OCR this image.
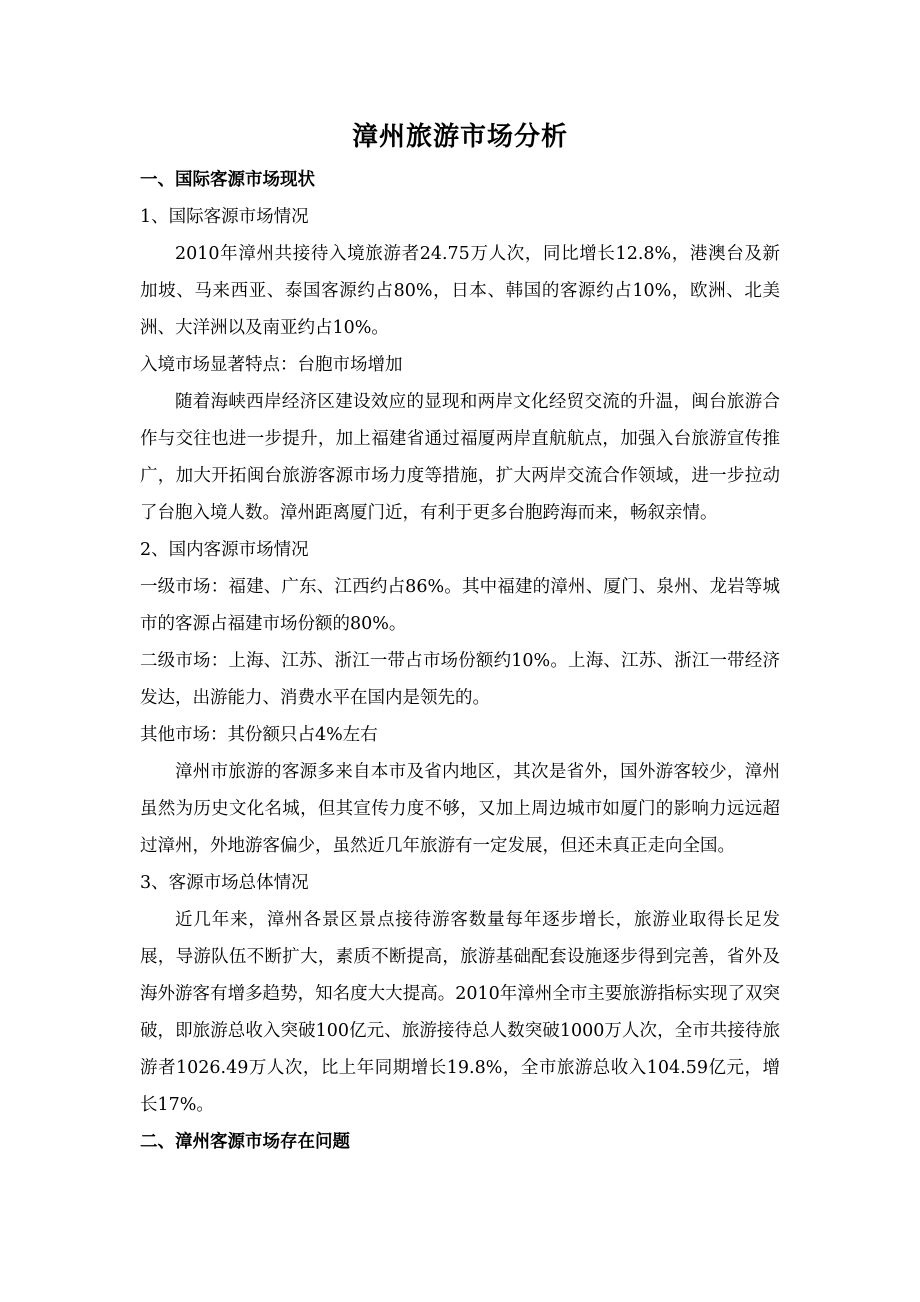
漳州旅游市场分析

一、国际客源市场现状

1、国际客源市场情况

2010年漳州共接待入境旅游者24.75万人次，同比增长12.8%，港澳台及新加坡、马来西亚、泰国客源约占80%，日本、韩国的客源约占10%，欧洲、北美洲、大洋洲以及南亚约占10%。

入境市场显著特点：台胞市场增加

随着海峡西岸经济区建设效应的显现和两岸文化经贸交流的升温，闽台旅游合作与交往也进一步提升，加上福建省通过福厦两岸直航航点，加强入台旅游宣传推广，加大开拓闽台旅游客源市场力度等措施，扩大两岸交流合作领域，进一步拉动了台胞入境人数。漳州距离厦门近，有利于更多台胞跨海而来，畅叙亲情。

2、国内客源市场情况

一级市场：福建、广东、江西约占86%。其中福建的漳州、厦门、泉州、龙岩等城市的客源占福建市场份额的80%。

二级市场：上海、江苏、浙江一带占市场份额约10%。上海、江苏、浙江一带经济发达，出游能力、消费水平在国内是领先的。

其他市场：其份额只占4%左右

漳州市旅游的客源多来自本市及省内地区，其次是省外，国外游客较少，漳州虽然为历史文化名城，但其宣传力度不够，又加上周边城市如厦门的影响力远远超过漳州，外地游客偏少，虽然近几年旅游有一定发展，但还未真正走向全国。

3、客源市场总体情况

近几年来，漳州各景区景点接待游客数量每年逐步增长，旅游业取得长足发展，导游队伍不断扩大，素质不断提高，旅游基础配套设施逐步得到完善，省外及海外游客有增多趋势，知名度大大提高。2010年漳州全市主要旅游指标实现了双突破，即旅游总收入突破100亿元、旅游接待总人数突破1000万人次，全市共接待旅游者1026.49万人次，比上年同期增长19.8%，全市旅游总收入104.59亿元，增长17%。

二、漳州客源市场存在问题
